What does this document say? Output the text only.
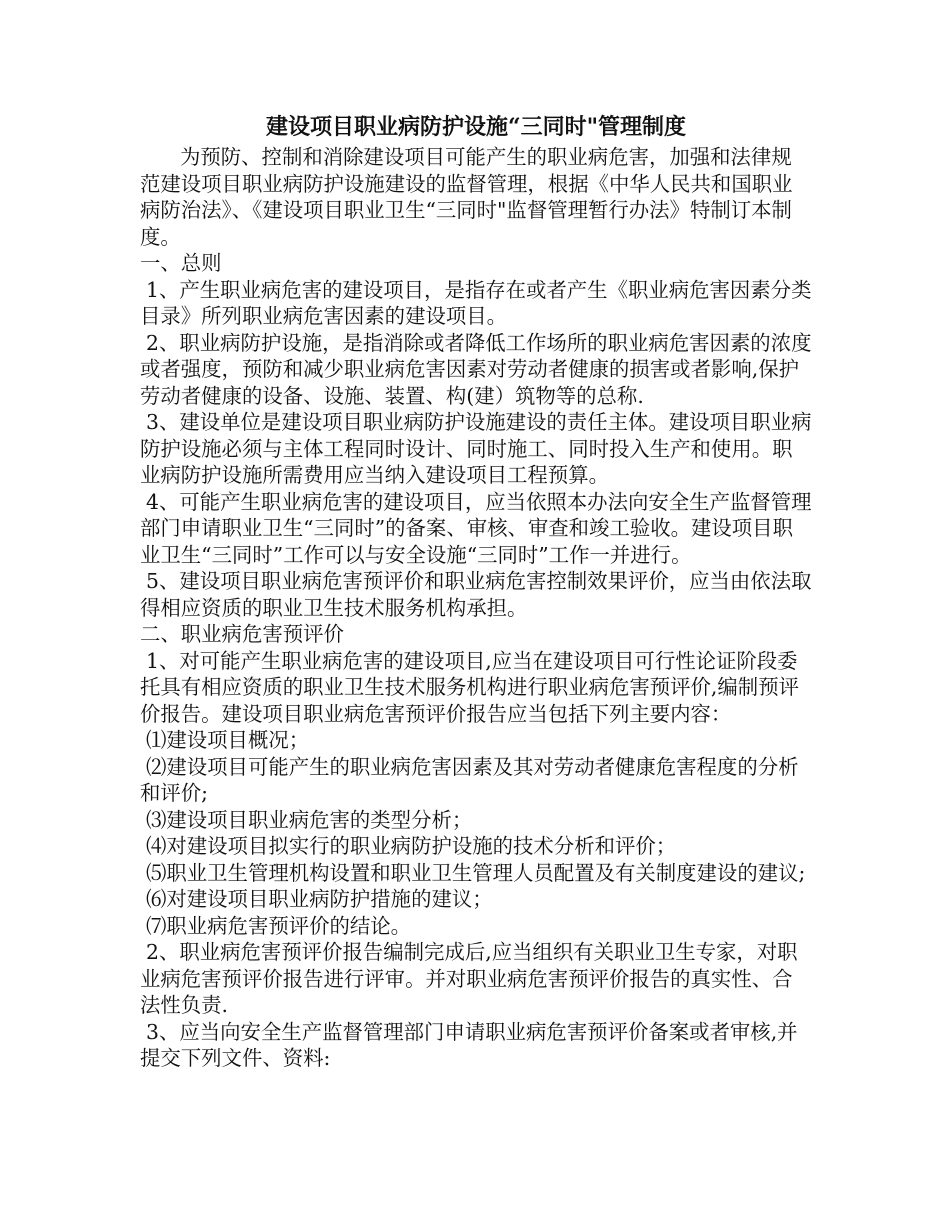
建设项目职业病防护设施“三同时"管理制度

为预防、控制和消除建设项目可能产生的职业病危害，加强和法律规范建设项目职业病防护设施建设的监督管理，根据《中华人民共和国职业病防治法》、《建设项目职业卫生“三同时"监督管理暂行办法》特制订本制度。

一、总则

1、产生职业病危害的建设项目，是指存在或者产生《职业病危害因素分类目录》所列职业病危害因素的建设项目。

2、职业病防护设施，是指消除或者降低工作场所的职业病危害因素的浓度或者强度，预防和减少职业病危害因素对劳动者健康的损害或者影响,保护劳动者健康的设备、设施、装置、构(建）筑物等的总称.

3、建设单位是建设项目职业病防护设施建设的责任主体。建设项目职业病防护设施必须与主体工程同时设计、同时施工、同时投入生产和使用。职业病防护设施所需费用应当纳入建设项目工程预算。

4、可能产生职业病危害的建设项目，应当依照本办法向安全生产监督管理部门申请职业卫生“三同时”的备案、审核、审查和竣工验收。建设项目职业卫生“三同时”工作可以与安全设施“三同时”工作一并进行。

5、建设项目职业病危害预评价和职业病危害控制效果评价，应当由依法取得相应资质的职业卫生技术服务机构承担。

二、职业病危害预评价

1、对可能产生职业病危害的建设项目,应当在建设项目可行性论证阶段委托具有相应资质的职业卫生技术服务机构进行职业病危害预评价,编制预评价报告。建设项目职业病危害预评价报告应当包括下列主要内容：

⑴建设项目概况；

⑵建设项目可能产生的职业病危害因素及其对劳动者健康危害程度的分析和评价;

⑶建设项目职业病危害的类型分析；

⑷对建设项目拟实行的职业病防护设施的技术分析和评价；

⑸职业卫生管理机构设置和职业卫生管理人员配置及有关制度建设的建议;

⑹对建设项目职业病防护措施的建议；

⑺职业病危害预评价的结论。

2、职业病危害预评价报告编制完成后,应当组织有关职业卫生专家，对职业病危害预评价报告进行评审。并对职业病危害预评价报告的真实性、合法性负责.

3、应当向安全生产监督管理部门申请职业病危害预评价备案或者审核,并提交下列文件、资料:
